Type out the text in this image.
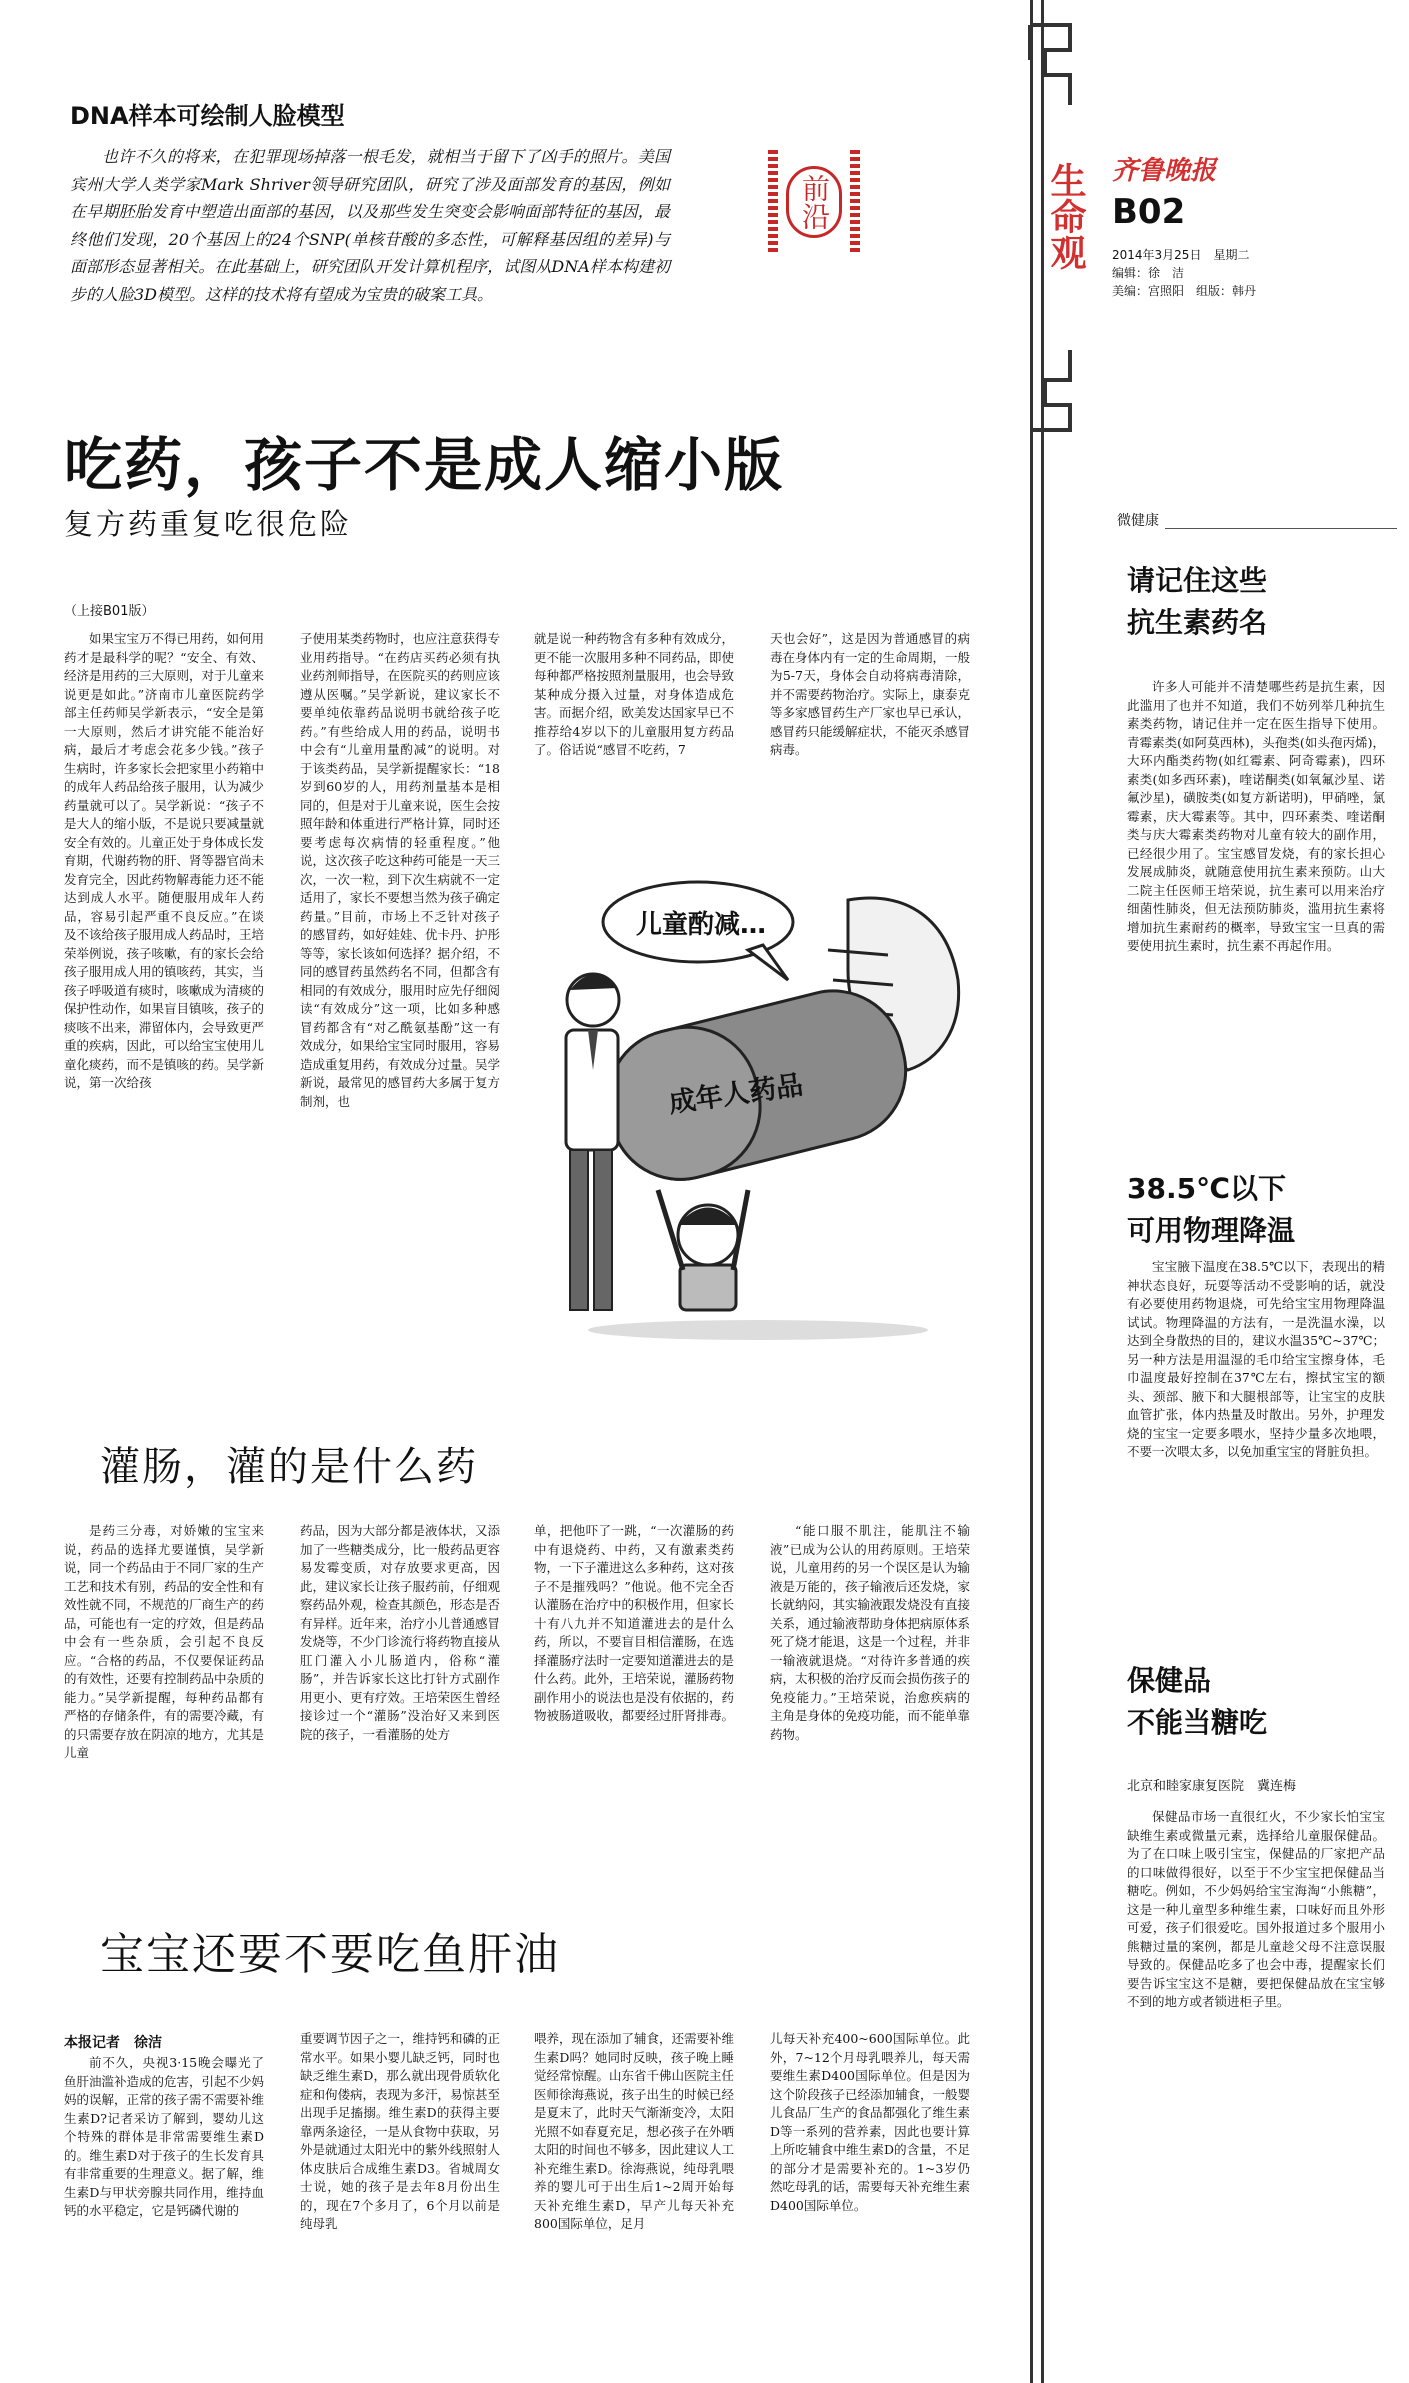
DNA样本可绘制人脸模型
也许不久的将来，在犯罪现场掉落一根毛发，就相当于留下了凶手的照片。美国宾州大学人类学家Mark Shriver领导研究团队，研究了涉及面部发育的基因，例如在早期胚胎发育中塑造出面部的基因，以及那些发生突变会影响面部特征的基因，最终他们发现，20个基因上的24个SNP(单核苷酸的多态性，可解释基因组的差异)与面部形态显著相关。在此基础上，研究团队开发计算机程序，试图从DNA样本构建初步的人脸3D模型。这样的技术将有望成为宝贵的破案工具。
前沿	生命观 齐鲁晚报
B02
2014年3月25日　星期二
编辑：徐　洁
美编：宫照阳　组版：韩丹
吃药，孩子不是成人缩小版
复方药重复吃很危险
（上接B01版）

如果宝宝万不得已用药，如何用药才是最科学的呢？“安全、有效、经济是用药的三大原则，对于儿童来说更是如此。”济南市儿童医院药学部主任药师吴学新表示，“安全是第一大原则，然后才讲究能不能治好病，最后才考虑会花多少钱。”孩子生病时，许多家长会把家里小药箱中的成年人药品给孩子服用，认为减少药量就可以了。吴学新说：“孩子不是大人的缩小版，不是说只要减量就安全有效的。儿童正处于身体成长发育期，代谢药物的肝、肾等器官尚未发育完全，因此药物解毒能力还不能达到成人水平。随便服用成年人药品，容易引起严重不良反应。”在谈及不该给孩子服用成人药品时，王培荣举例说，孩子咳嗽，有的家长会给孩子服用成人用的镇咳药，其实，当孩子呼吸道有痰时，咳嗽成为清痰的保护性动作，如果盲目镇咳，孩子的痰咳不出来，滞留体内，会导致更严重的疾病，因此，可以给宝宝使用儿童化痰药，而不是镇咳的药。吴学新说，第一次给孩

子使用某类药物时，也应注意获得专业用药指导。“在药店买药必须有执业药剂师指导，在医院买的药则应该遵从医嘱。”吴学新说，建议家长不要单纯依靠药品说明书就给孩子吃药。”有些给成人用的药品，说明书中会有“儿童用量酌减”的说明。对于该类药品，吴学新提醒家长：“18岁到60岁的人，用药剂量基本是相同的，但是对于儿童来说，医生会按照年龄和体重进行严格计算，同时还要考虑每次病情的轻重程度。”他说，这次孩子吃这种药可能是一天三次，一次一粒，到下次生病就不一定适用了，家长不要想当然为孩子确定药量。”目前，市场上不乏针对孩子的感冒药，如好娃娃、优卡丹、护彤等等，家长该如何选择？据介绍，不同的感冒药虽然药名不同，但都含有相同的有效成分，服用时应先仔细阅读“有效成分”这一项，比如多种感冒药都含有“对乙酰氨基酚”这一有效成分，如果给宝宝同时服用，容易造成重复用药，有效成分过量。吴学新说，最常见的感冒药大多属于复方制剂，也

就是说一种药物含有多种有效成分，更不能一次服用多种不同药品，即使每种都严格按照剂量服用，也会导致某种成分摄入过量，对身体造成危害。而据介绍，欧美发达国家早已不推荐给4岁以下的儿童服用复方药品了。俗话说“感冒不吃药，7

天也会好”，这是因为普通感冒的病毒在身体内有一定的生命周期，一般为5-7天，身体会自动将病毒清除，并不需要药物治疗。实际上，康泰克等多家感冒药生产厂家也早已承认，感冒药只能缓解症状，不能灭杀感冒病毒。

儿童酌减…
成年人药品
灌肠，灌的是什么药

是药三分毒，对娇嫩的宝宝来说，药品的选择尤要谨慎，吴学新说，同一个药品由于不同厂家的生产工艺和技术有别，药品的安全性和有效性就不同，不规范的厂商生产的药品，可能也有一定的疗效，但是药品中会有一些杂质，会引起不良反应。“合格的药品，不仅要保证药品的有效性，还要有控制药品中杂质的能力。”吴学新提醒，每种药品都有严格的存储条件，有的需要冷藏，有的只需要存放在阴凉的地方，尤其是儿童

药品，因为大部分都是液体状，又添加了一些糖类成分，比一般药品更容易发霉变质，对存放要求更高，因此，建议家长让孩子服药前，仔细观察药品外观，检查其颜色，形态是否有异样。近年来，治疗小儿普通感冒发烧等，不少门诊流行将药物直接从肛门灌入小儿肠道内，俗称“灌肠”，并告诉家长这比打针方式副作用更小、更有疗效。王培荣医生曾经接诊过一个“灌肠”没治好又来到医院的孩子，一看灌肠的处方

单，把他吓了一跳，“一次灌肠的药中有退烧药、中药，又有激素类药物，一下子灌进这么多种药，这对孩子不是摧残吗？”他说。他不完全否认灌肠在治疗中的积极作用，但家长十有八九并不知道灌进去的是什么药，所以，不要盲目相信灌肠，在选择灌肠疗法时一定要知道灌进去的是什么药。此外，王培荣说，灌肠药物副作用小的说法也是没有依据的，药物被肠道吸收，都要经过肝肾排毒。

“能口服不肌注，能肌注不输液”已成为公认的用药原则。王培荣说，儿童用药的另一个误区是认为输液是万能的，孩子输液后还发烧，家长就纳闷，其实输液跟发烧没有直接关系，通过输液帮助身体把病原体系死了烧才能退，这是一个过程，并非一输液就退烧。“对待许多普通的疾病，太积极的治疗反而会损伤孩子的免疫能力。”王培荣说，治愈疾病的主角是身体的免疫功能，而不能单靠药物。

宝宝还要不要吃鱼肝油
本报记者　徐洁

前不久，央视3·15晚会曝光了鱼肝油滥补造成的危害，引起不少妈妈的误解，正常的孩子需不需要补维生素D?记者采访了解到，婴幼儿这个特殊的群体是非常需要维生素D的。维生素D对于孩子的生长发育具有非常重要的生理意义。据了解，维生素D与甲状旁腺共同作用，维持血钙的水平稳定，它是钙磷代谢的

重要调节因子之一，维持钙和磷的正常水平。如果小婴儿缺乏钙，同时也缺乏维生素D，那么就出现骨质软化症和佝偻病，表现为多汗，易惊甚至出现手足搐搦。维生素D的获得主要靠两条途径，一是从食物中获取，另外是就通过太阳光中的紫外线照射人体皮肤后合成维生素D3。省城周女士说，她的孩子是去年8月份出生的，现在7个多月了，6个月以前是纯母乳

喂养，现在添加了辅食，还需要补维生素D吗？她同时反映，孩子晚上睡觉经常惊醒。山东省千佛山医院主任医师徐海燕说，孩子出生的时候已经是夏末了，此时天气渐渐变冷，太阳光照不如春夏充足，想必孩子在外晒太阳的时间也不够多，因此建议人工补充维生素D。徐海燕说，纯母乳喂养的婴儿可于出生后1~2周开始每天补充维生素D，早产儿每天补充800国际单位，足月

儿每天补充400~600国际单位。此外，7~12个月母乳喂养儿，每天需要维生素D400国际单位。但是因为这个阶段孩子已经添加辅食，一般婴儿食品厂生产的食品都强化了维生素D等一系列的营养素，因此也要计算上所吃辅食中维生素D的含量，不足的部分才是需要补充的。1~3岁仍然吃母乳的话，需要每天补充维生素D400国际单位。

微健康
请记住这些
抗生素药名

许多人可能并不清楚哪些药是抗生素，因此滥用了也并不知道，我们不妨列举几种抗生素类药物，请记住并一定在医生指导下使用。青霉素类(如阿莫西林)，头孢类(如头孢丙烯)，大环内酯类药物(如红霉素、阿奇霉素)，四环素类(如多西环素)，喹诺酮类(如氧氟沙星、诺氟沙星)，磺胺类(如复方新诺明)，甲硝唑，氯霉素，庆大霉素等。其中，四环素类、喹诺酮类与庆大霉素类药物对儿童有较大的副作用，已经很少用了。宝宝感冒发烧，有的家长担心发展成肺炎，就随意使用抗生素来预防。山大二院主任医师王培荣说，抗生素可以用来治疗细菌性肺炎，但无法预防肺炎，滥用抗生素将增加抗生素耐药的概率，导致宝宝一旦真的需要使用抗生素时，抗生素不再起作用。

38.5℃以下
可用物理降温

宝宝腋下温度在38.5℃以下，表现出的精神状态良好，玩耍等活动不受影响的话，就没有必要使用药物退烧，可先给宝宝用物理降温试试。物理降温的方法有，一是洗温水澡，以达到全身散热的目的，建议水温35℃~37℃；另一种方法是用温湿的毛巾给宝宝擦身体，毛巾温度最好控制在37℃左右，擦拭宝宝的额头、颈部、腋下和大腿根部等，让宝宝的皮肤血管扩张，体内热量及时散出。另外，护理发烧的宝宝一定要多喂水，坚持少量多次地喂，不要一次喂太多，以免加重宝宝的肾脏负担。

保健品
不能当糖吃
北京和睦家康复医院　冀连梅

保健品市场一直很红火，不少家长怕宝宝缺维生素或微量元素，选择给儿童服保健品。为了在口味上吸引宝宝，保健品的厂家把产品的口味做得很好，以至于不少宝宝把保健品当糖吃。例如，不少妈妈给宝宝海淘“小熊糖”，这是一种儿童型多种维生素，口味好而且外形可爱，孩子们很爱吃。国外报道过多个服用小熊糖过量的案例，都是儿童趁父母不注意误服导致的。保健品吃多了也会中毒，提醒家长们要告诉宝宝这不是糖，要把保健品放在宝宝够不到的地方或者锁进柜子里。
